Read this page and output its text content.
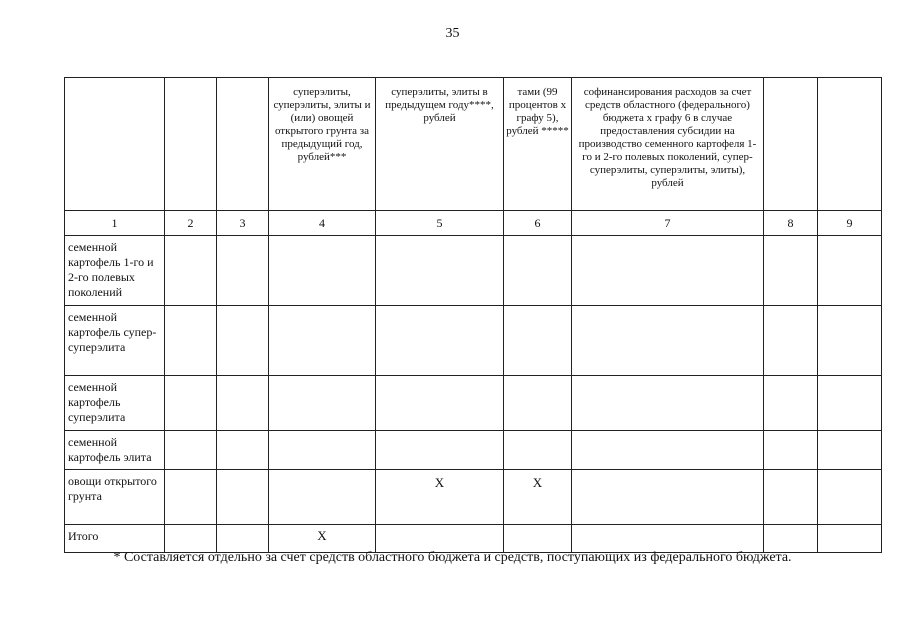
35
			суперэлиты, суперэлиты, элиты и (или) овощей открытого грунта за предыдущий год, рублей***	суперэлиты, элиты в предыдущем году****, рублей	тами (99 процентов х графу 5), рублей *****	софинансирования расходов за счет средств областного (федерального) бюджета х графу 6 в случае предоставления субсидии на производство семенного картофеля 1-го и 2-го полевых поколений, супер-суперэлиты, суперэлиты, элиты), рублей		
1	2	3	4	5	6	7	8	9
семенной картофель 1-го и 2-го полевых поколений								
семенной картофель супер-суперэлита								
семенной картофель суперэлита								
семенной картофель элита								
овощи открытого грунта				X	X			
Итого			X					
* Составляется отдельно за счет средств областного бюджета и средств, поступающих из федерального бюджета.
